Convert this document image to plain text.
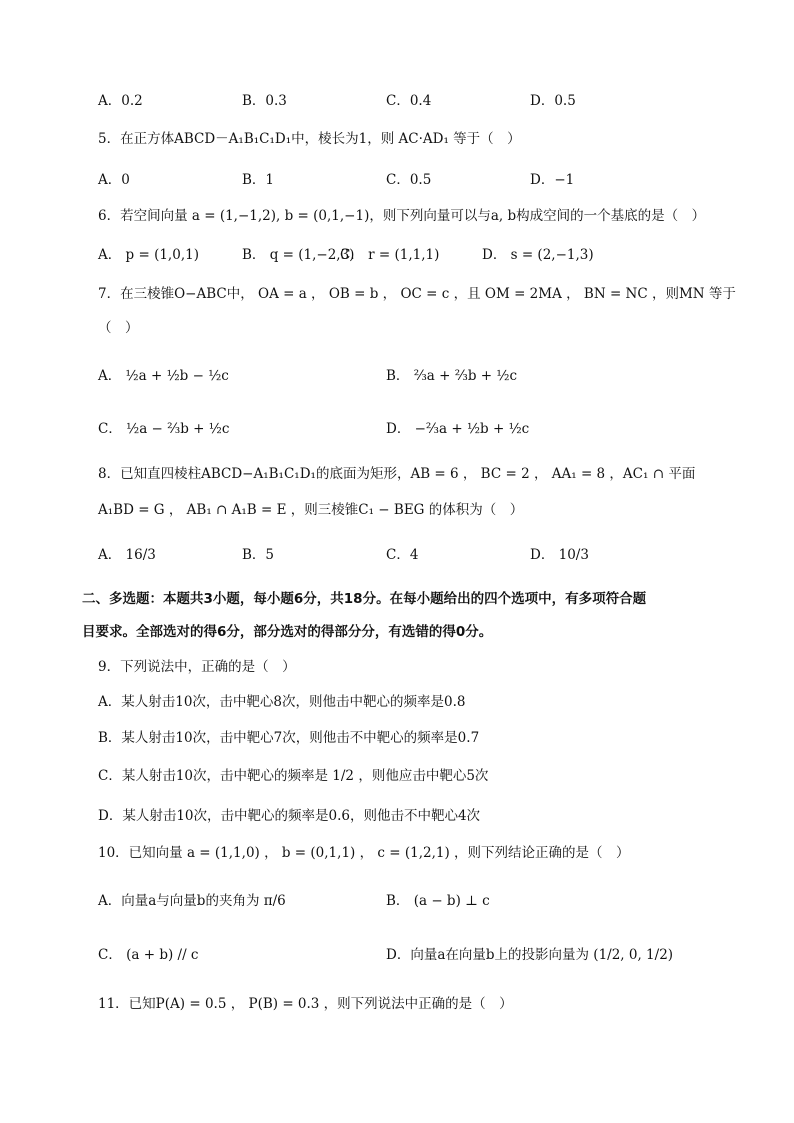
A．0.2	B．0.3	C．0.4	D．0.5
5．在正方体ABCD－A₁B₁C₁D₁中，棱长为1，则 AC·AD₁ 等于（　）
A．0	B．1	C．0.5	D．−1
6．若空间向量 a = (1,−1,2), b = (0,1,−1)，则下列向量可以与a, b构成空间的一个基底的是（　）
A． p = (1,0,1)	B． q = (1,−2,3)
C． r = (1,1,1)	D． s = (2,−1,3)
7．在三棱锥O−ABC中， OA = a ， OB = b ， OC = c ，且 OM = 2MA ， BN = NC ，则MN 等于
（　）
A． ½a + ½b − ½c	B． ⅔a + ⅔b + ½c
C． ½a − ⅔b + ½c	D． −⅔a + ½b + ½c
8．已知直四棱柱ABCD−A₁B₁C₁D₁的底面为矩形，AB = 6 ， BC = 2 ， AA₁ = 8 ，AC₁ ∩ 平面
A₁BD = G ， AB₁ ∩ A₁B = E ，则三棱锥C₁ − BEG 的体积为（　）
A． 16/3	B．5	C．4	D． 10/3
二、多选题：本题共3小题，每小题6分，共18分。在每小题给出的四个选项中，有多项符合题
目要求。全部选对的得6分，部分选对的得部分分，有选错的得0分。
9．下列说法中，正确的是（　）
A．某人射击10次，击中靶心8次，则他击中靶心的频率是0.8
B．某人射击10次，击中靶心7次，则他击不中靶心的频率是0.7
C．某人射击10次，击中靶心的频率是 1/2 ，则他应击中靶心5次
D．某人射击10次，击中靶心的频率是0.6，则他击不中靶心4次
10．已知向量 a = (1,1,0) ， b = (0,1,1) ， c = (1,2,1) ，则下列结论正确的是（　）
A．向量a与向量b的夹角为 π/6	B． (a − b) ⊥ c
C． (a + b) // c	D．向量a在向量b上的投影向量为 (1/2, 0, 1/2)
11．已知P(A) = 0.5 ， P(B) = 0.3 ，则下列说法中正确的是（　）
